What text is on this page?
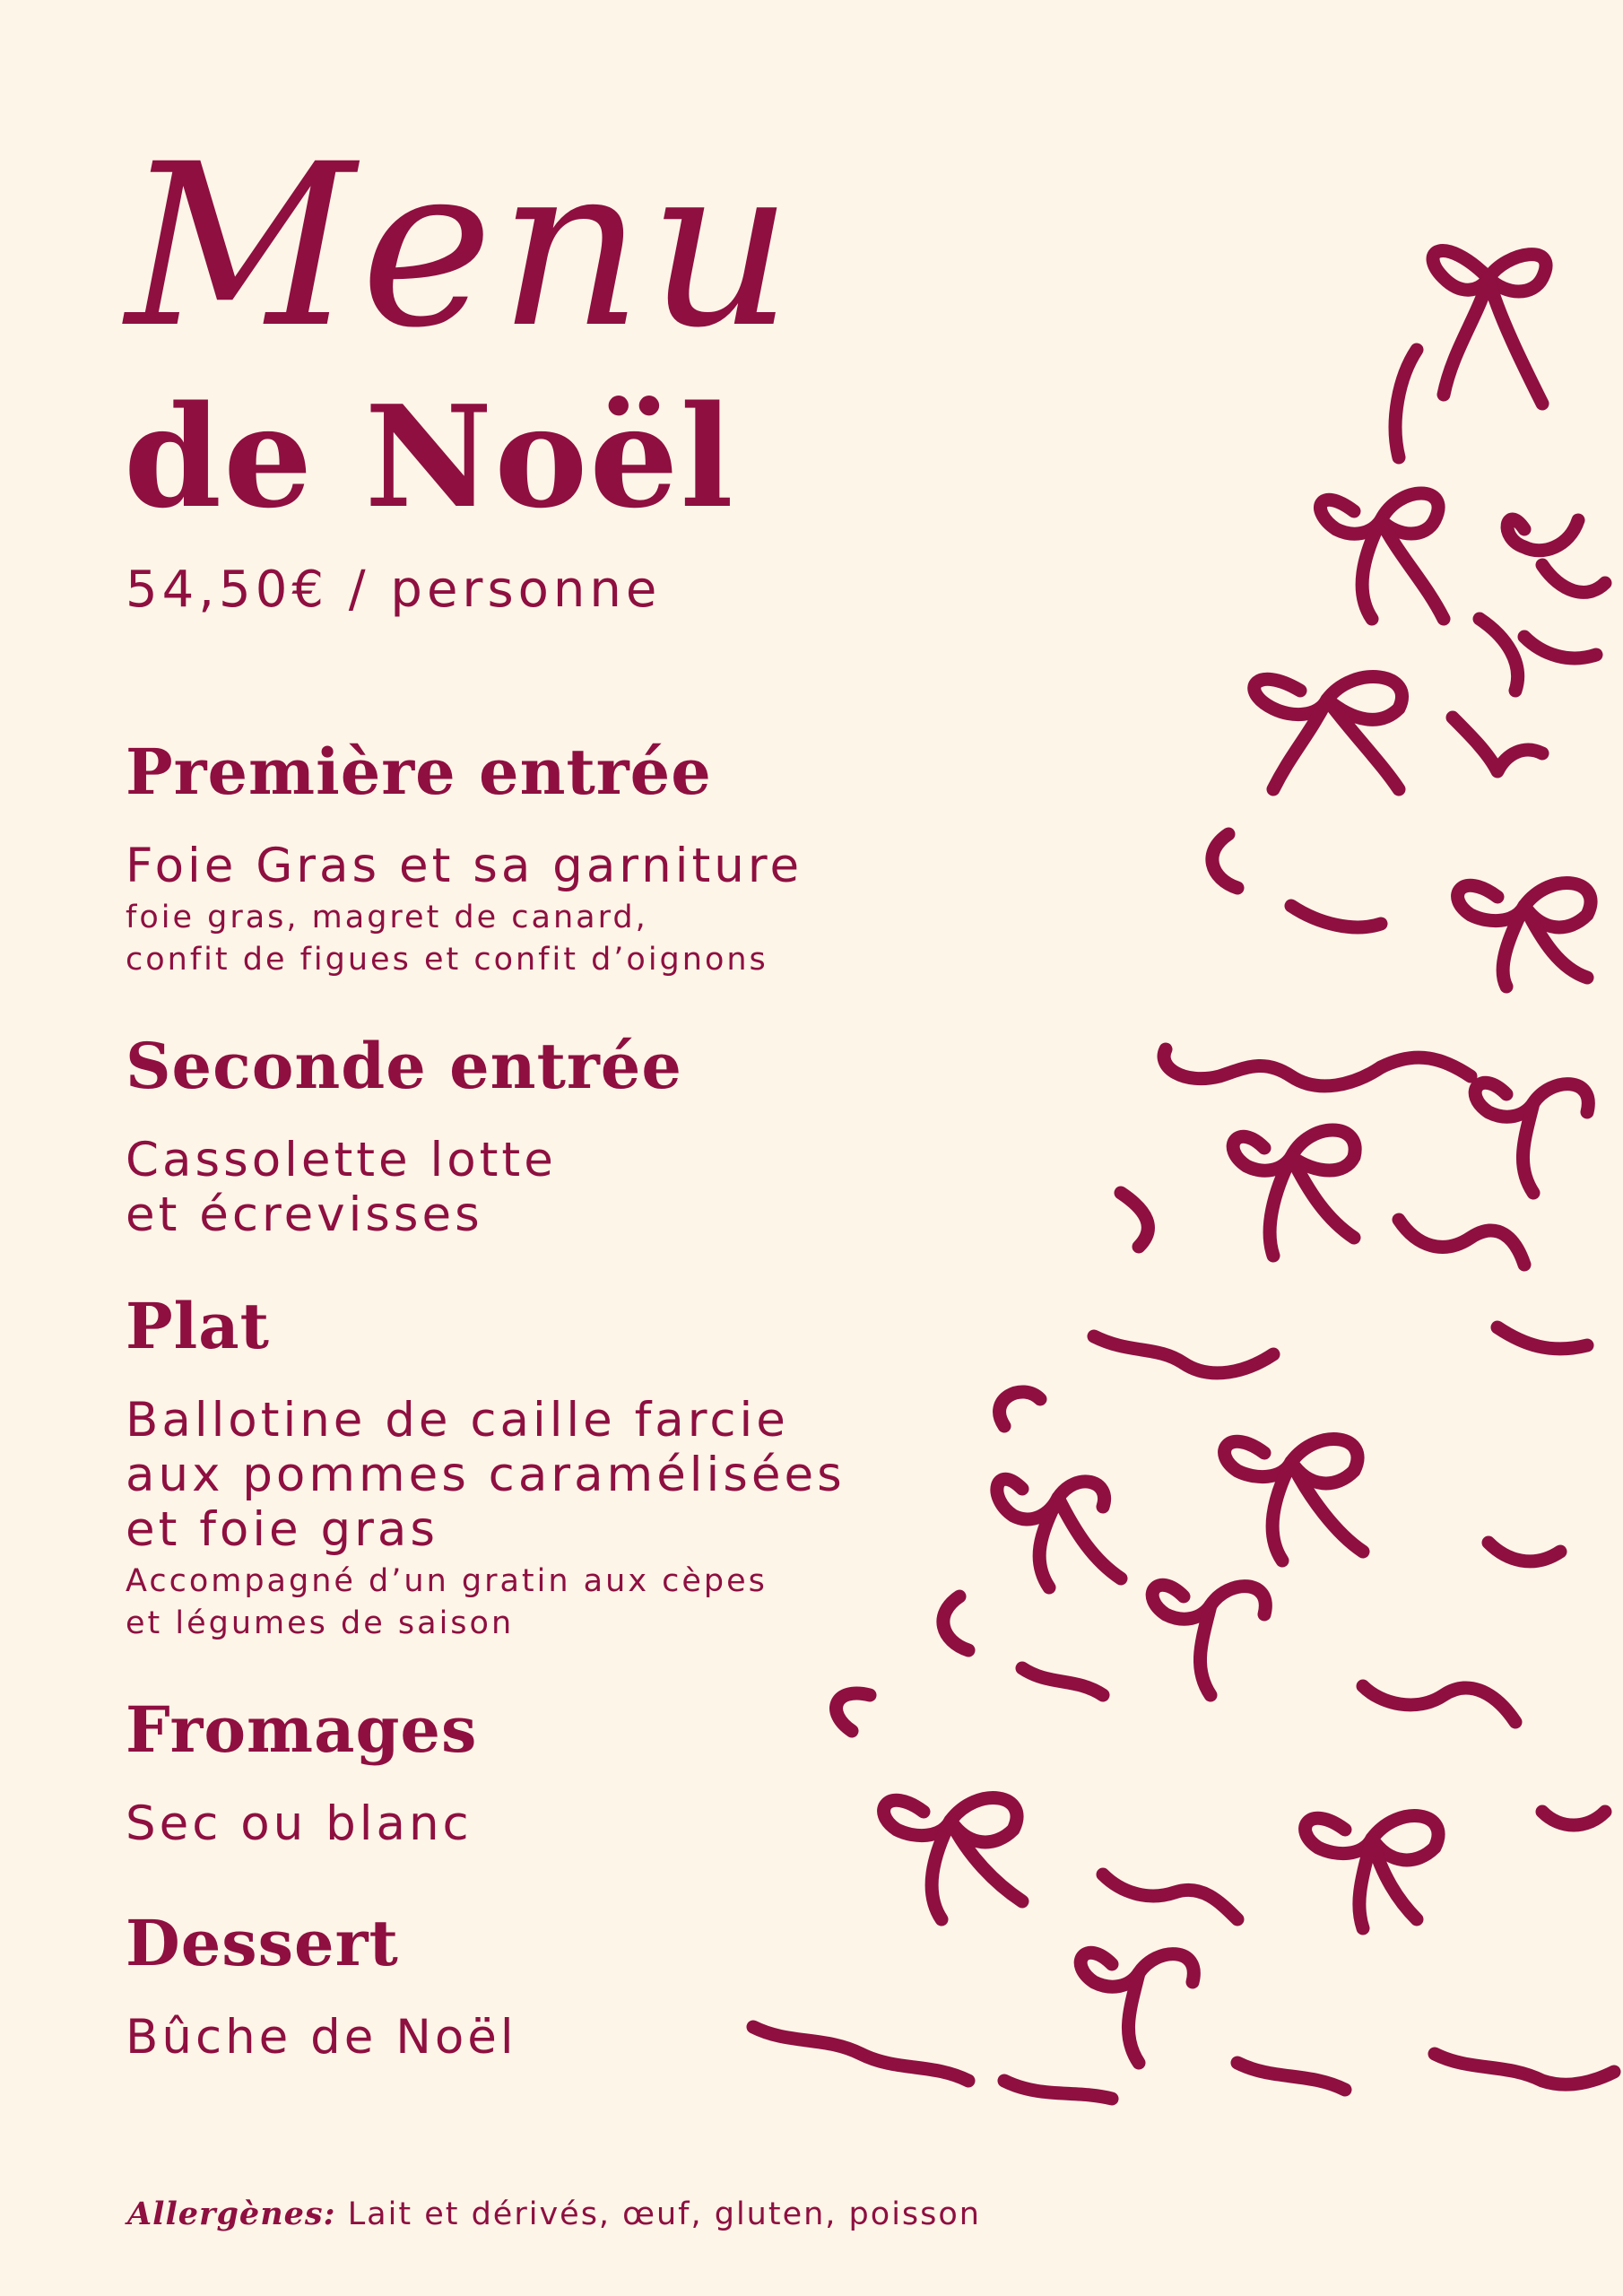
Menu
de Noël
54,50€ / personne
Première entrée

Foie Gras et sa garniture

foie gras, magret de canard,
confit de figues et confit d’oignons

Seconde entrée

Cassolette lotte
et écrevisses

Plat

Ballotine de caille farcie
aux pommes caramélisées
et foie gras

Accompagné d’un gratin aux cèpes
et légumes de saison

Fromages

Sec ou blanc

Dessert

Bûche de Noël

Allergènes: Lait et dérivés, œuf, gluten, poisson
